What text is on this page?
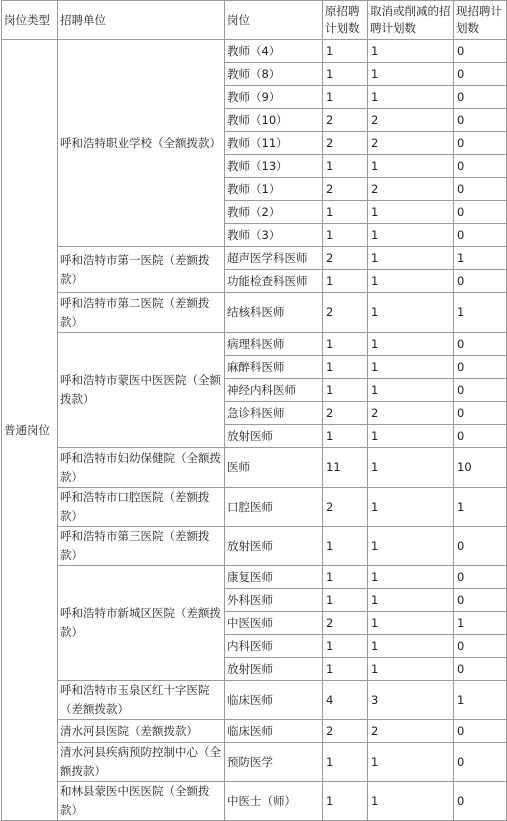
岗位类型	招聘单位	岗位	原招聘计划数	取消或削减的招聘计划数	现招聘计划数
普通岗位	呼和浩特职业学校（全额拨款）	教师（4）	1	1	0
		教师（8）	1	1	0
		教师（9）	1	1	0
		教师（10）	2	2	0
		教师（11）	2	2	0
		教师（13）	1	1	0
		教师（1）	2	2	0
		教师（2）	1	1	0
		教师（3）	1	1	0
	呼和浩特市第一医院（差额拨款）	超声医学科医师	2	1	1
		功能检查科医师	1	1	0
	呼和浩特市第二医院（差额拨款）	结核科医师	2	1	1
	呼和浩特市蒙医中医医院（全额拨款）	病理科医师	1	1	0
		麻醉科医师	1	1	0
		神经内科医师	1	1	0
		急诊科医师	2	2	0
		放射医师	1	1	0
	呼和浩特市妇幼保健院（全额拨款）	医师	11	1	10
	呼和浩特市口腔医院（差额拨款）	口腔医师	2	1	1
	呼和浩特市第三医院（差额拨款）	放射医师	1	1	0
	呼和浩特市新城区医院（差额拨款）	康复医师	1	1	0
		外科医师	1	1	0
		中医医师	2	1	1
		内科医师	1	1	0
		放射医师	1	1	0
	呼和浩特市玉泉区红十字医院（差额拨款）	临床医师	4	3	1
	清水河县医院（差额拨款）	临床医师	2	2	0
	清水河县疾病预防控制中心（全额拨款）	预防医学	1	1	0
	和林县蒙医中医医院（全额拨款）	中医士（师）	1	1	0
